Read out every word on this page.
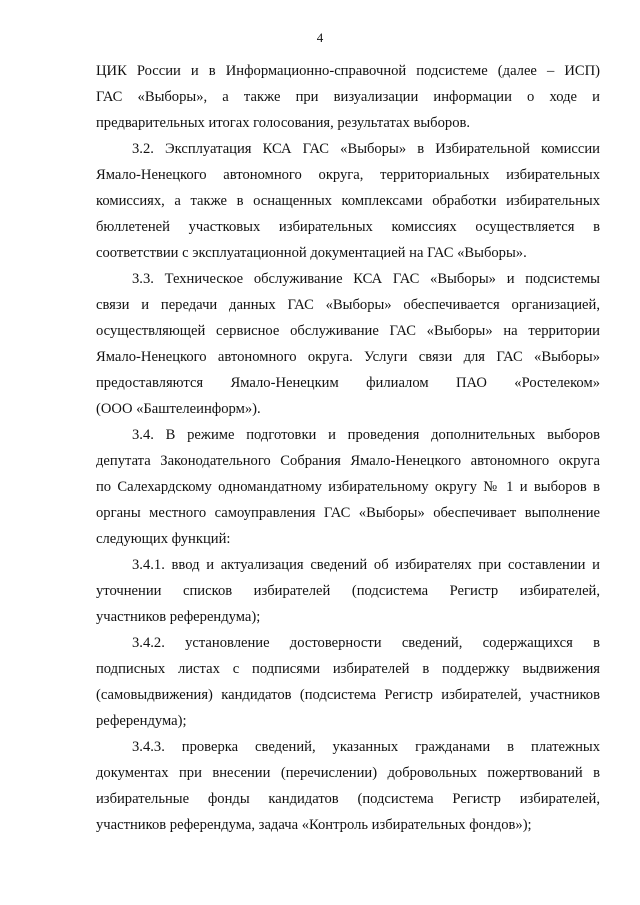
4
ЦИК России и в Информационно-справочной подсистеме (далее – ИСП)
ГАС «Выборы», а также при визуализации информации о ходе и
предварительных итогах голосования, результатах выборов.
3.2. Эксплуатация КСА ГАС «Выборы» в Избирательной комиссии
Ямало-Ненецкого автономного округа, территориальных избирательных
комиссиях, а также в оснащенных комплексами обработки избирательных
бюллетеней участковых избирательных комиссиях осуществляется в
соответствии с эксплуатационной документацией на ГАС «Выборы».
3.3. Техническое обслуживание КСА ГАС «Выборы» и подсистемы
связи и передачи данных ГАС «Выборы» обеспечивается организацией,
осуществляющей сервисное обслуживание ГАС «Выборы» на территории
Ямало-Ненецкого автономного округа. Услуги связи для ГАС «Выборы»
предоставляются Ямало-Ненецким филиалом ПАО «Ростелеком»
(ООО «Баштелеинформ»).
3.4. В режиме подготовки и проведения дополнительных выборов
депутата Законодательного Собрания Ямало-Ненецкого автономного округа
по Салехардскому одномандатному избирательному округу № 1 и выборов в
органы местного самоуправления ГАС «Выборы» обеспечивает выполнение
следующих функций:
3.4.1. ввод и актуализация сведений об избирателях при составлении и
уточнении списков избирателей (подсистема Регистр избирателей,
участников референдума);
3.4.2. установление достоверности сведений, содержащихся в
подписных листах с подписями избирателей в поддержку выдвижения
(самовыдвижения) кандидатов (подсистема Регистр избирателей, участников
референдума);
3.4.3. проверка сведений, указанных гражданами в платежных
документах при внесении (перечислении) добровольных пожертвований в
избирательные фонды кандидатов (подсистема Регистр избирателей,
участников референдума, задача «Контроль избирательных фондов»);
